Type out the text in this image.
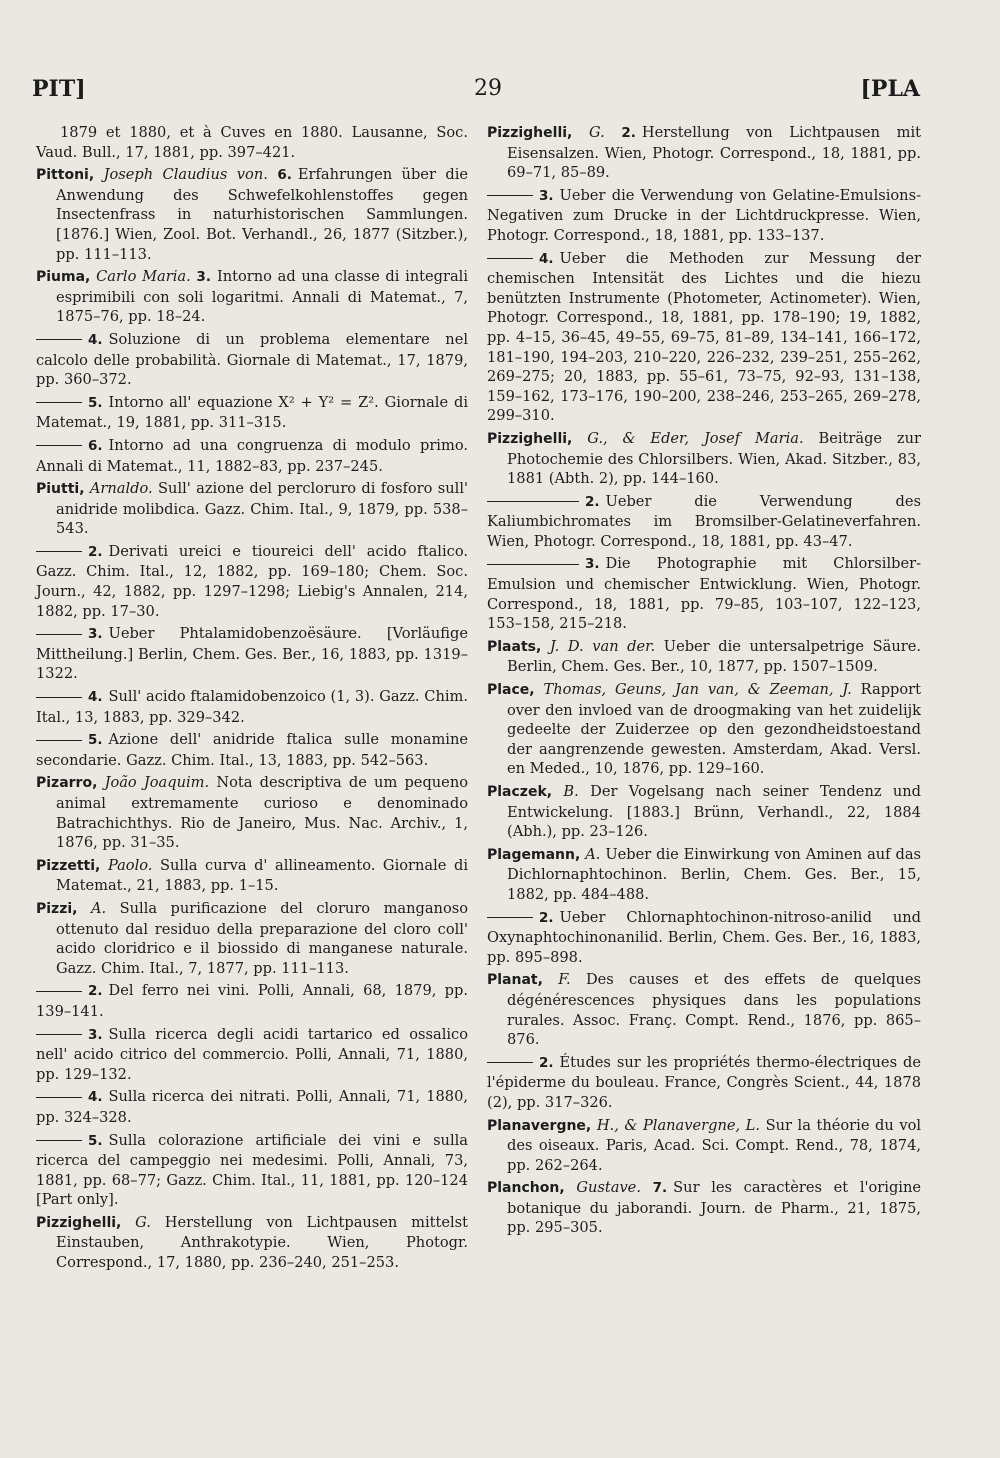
PIT]	29	[PLA

1879 et 1880, et à Cuves en 1880. Lausanne, Soc. Vaud. Bull., 17, 1881, pp. 397–421.

Pittoni, Joseph Claudius von. 6. Erfahrungen über die Anwendung des Schwefelkohlenstoffes gegen Insectenfrass in naturhistorischen Sammlungen. [1876.] Wien, Zool. Bot. Verhandl., 26, 1877 (Sitzber.), pp. 111–113.

Piuma, Carlo Maria. 3. Intorno ad una classe di integrali esprimibili con soli logaritmi. Annali di Matemat., 7, 1875–76, pp. 18–24.

4. Soluzione di un problema elementare nel calcolo delle probabilità. Giornale di Matemat., 17, 1879, pp. 360–372.

5. Intorno all' equazione X² + Y² = Z². Giornale di Matemat., 19, 1881, pp. 311–315.

6. Intorno ad una congruenza di modulo primo. Annali di Matemat., 11, 1882–83, pp. 237–245.

Piutti, Arnaldo. Sull' azione del percloruro di fosforo sull' anidride molibdica. Gazz. Chim. Ital., 9, 1879, pp. 538–543.

2. Derivati ureici e tioureici dell' acido ftalico. Gazz. Chim. Ital., 12, 1882, pp. 169–180; Chem. Soc. Journ., 42, 1882, pp. 1297–1298; Liebig's Annalen, 214, 1882, pp. 17–30.

3. Ueber Phtalamidobenzoësäure. [Vorläufige Mittheilung.] Berlin, Chem. Ges. Ber., 16, 1883, pp. 1319–1322.

4. Sull' acido ftalamidobenzoico (1, 3). Gazz. Chim. Ital., 13, 1883, pp. 329–342.

5. Azione dell' anidride ftalica sulle monamine secondarie. Gazz. Chim. Ital., 13, 1883, pp. 542–563.

Pizarro, João Joaquim. Nota descriptiva de um pequeno animal extremamente curioso e denominado Batrachichthys. Rio de Janeiro, Mus. Nac. Archiv., 1, 1876, pp. 31–35.

Pizzetti, Paolo. Sulla curva d' allineamento. Giornale di Matemat., 21, 1883, pp. 1–15.

Pizzi, A. Sulla purificazione del cloruro manganoso ottenuto dal residuo della preparazione del cloro coll' acido cloridrico e il biossido di manganese naturale. Gazz. Chim. Ital., 7, 1877, pp. 111–113.

2. Del ferro nei vini. Polli, Annali, 68, 1879, pp. 139–141.

3. Sulla ricerca degli acidi tartarico ed ossalico nell' acido citrico del commercio. Polli, Annali, 71, 1880, pp. 129–132.

4. Sulla ricerca dei nitrati. Polli, Annali, 71, 1880, pp. 324–328.

5. Sulla colorazione artificiale dei vini e sulla ricerca del campeggio nei medesimi. Polli, Annali, 73, 1881, pp. 68–77; Gazz. Chim. Ital., 11, 1881, pp. 120–124 [Part only].

Pizzighelli, G. Herstellung von Lichtpausen mittelst Einstauben, Anthrakotypie. Wien, Photogr. Correspond., 17, 1880, pp. 236–240, 251–253.

Pizzighelli, G. 2. Herstellung von Lichtpausen mit Eisensalzen. Wien, Photogr. Correspond., 18, 1881, pp. 69–71, 85–89.

3. Ueber die Verwendung von Gelatine-Emulsions-Negativen zum Drucke in der Lichtdruckpresse. Wien, Photogr. Correspond., 18, 1881, pp. 133–137.

4. Ueber die Methoden zur Messung der chemischen Intensität des Lichtes und die hiezu benützten Instrumente (Photometer, Actinometer). Wien, Photogr. Correspond., 18, 1881, pp. 178–190; 19, 1882, pp. 4–15, 36–45, 49–55, 69–75, 81–89, 134–141, 166–172, 181–190, 194–203, 210–220, 226–232, 239–251, 255–262, 269–275; 20, 1883, pp. 55–61, 73–75, 92–93, 131–138, 159–162, 173–176, 190–200, 238–246, 253–265, 269–278, 299–310.

Pizzighelli, G., & Eder, Josef Maria. Beiträge zur Photochemie des Chlorsilbers. Wien, Akad. Sitzber., 83, 1881 (Abth. 2), pp. 144–160.

2. Ueber die Verwendung des Kaliumbichromates im Bromsilber-Gelatineverfahren. Wien, Photogr. Correspond., 18, 1881, pp. 43–47.

3. Die Photographie mit Chlorsilber-Emulsion und chemischer Entwicklung. Wien, Photogr. Correspond., 18, 1881, pp. 79–85, 103–107, 122–123, 153–158, 215–218.

Plaats, J. D. van der. Ueber die untersalpetrige Säure. Berlin, Chem. Ges. Ber., 10, 1877, pp. 1507–1509.

Place, Thomas, Geuns, Jan van, & Zeeman, J. Rapport over den invloed van de droogmaking van het zuidelijk gedeelte der Zuiderzee op den gezondheidstoestand der aangrenzende gewesten. Amsterdam, Akad. Versl. en Meded., 10, 1876, pp. 129–160.

Placzek, B. Der Vogelsang nach seiner Tendenz und Entwickelung. [1883.] Brünn, Verhandl., 22, 1884 (Abh.), pp. 23–126.

Plagemann, A. Ueber die Einwirkung von Aminen auf das Dichlornaphtochinon. Berlin, Chem. Ges. Ber., 15, 1882, pp. 484–488.

2. Ueber Chlornaphtochinon-nitroso-anilid und Oxynaphtochinonanilid. Berlin, Chem. Ges. Ber., 16, 1883, pp. 895–898.

Planat, F. Des causes et des effets de quelques dégénérescences physiques dans les populations rurales. Assoc. Franç. Compt. Rend., 1876, pp. 865–876.

2. Études sur les propriétés thermo-électriques de l'épiderme du bouleau. France, Congrès Scient., 44, 1878 (2), pp. 317–326.

Planavergne, H., & Planavergne, L. Sur la théorie du vol des oiseaux. Paris, Acad. Sci. Compt. Rend., 78, 1874, pp. 262–264.

Planchon, Gustave. 7. Sur les caractères et l'origine botanique du jaborandi. Journ. de Pharm., 21, 1875, pp. 295–305.
